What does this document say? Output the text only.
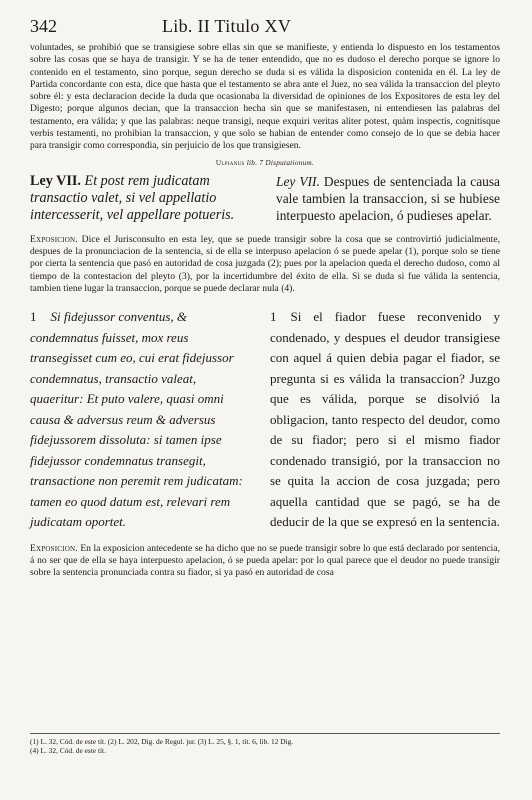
342	Lib. II Titulo XV

voluntades, se prohibió que se transigiese sobre ellas sin que se manifieste, y entienda lo dispuesto en los testamentos sobre las cosas que se haya de transigir. Y se ha de tener entendido, que no es dudoso el derecho porque se ignore lo contenido en el testamento, sino porque, segun derecho se duda si es válida la disposicion contenida en él. La ley de Partida concordante con esta, dice que hasta que el testamento se abra ante el Juez, no sea válida la transaccion del pleyto sobre él: y esta declaracion decide la duda que ocasionaba la diversidad de opiniones de los Expositores de esta ley del Digesto; porque algunos decian, que la transaccion hecha sin que se manifestasen, ni entendiesen las palabras del testamento, era válida; y que las palabras: neque transigi, neque exquiri veritas aliter potest, quàm inspectis, cognitisque verbis testamenti, no prohibian la transaccion, y que solo se habian de entender como consejo de lo que se debia hacer para transigir como correspondia, sin perjuicio de los que transigiesen.

Ulpianus lib. 7 Disputationum.
Ley VII. Et post rem judicatam transactio valet, si vel appellatio intercesserit, vel appellare potueris.
Ley VII. Despues de sentenciada la causa vale tambien la transaccion, si se hubiese interpuesto apelacion, ó pudieses apelar.

Exposicion. Dice el Jurisconsulto en esta ley, que se puede transigir sobre la cosa que se controvirtió judicialmente, despues de la pronunciacion de la sentencia, si de ella se interpuso apelacion ó se puede apelar (1), porque solo se tiene por cierta la sentencia que pasó en autoridad de cosa juzgada (2); pues por la apelacion queda el derecho dudoso, como al tiempo de la contestacion del pleyto (3), por la incertidumbre del éxito de ella. Si se duda si fue válida la sentencia, tambien tiene lugar la transaccion, porque se puede declarar nula (4).

1 Si fidejussor conventus, & condemnatus fuisset, mox reus transegisset cum eo, cui erat fidejussor condemnatus, transactio valeat, quaeritur: Et puto valere, quasi omni causa & adversus reum & adversus fidejussorem dissoluta: si tamen ipse fidejussor condemnatus transegit, transactione non peremit rem judicatam: tamen eo quod datum est, relevari rem judicatam oportet.
1 Si el fiador fuese reconvenido y condenado, y despues el deudor transigiese con aquel á quien debia pagar el fiador, se pregunta si es válida la transaccion? Juzgo que es válida, porque se disolvió la obligacion, tanto respecto del deudor, como de su fiador; pero si el mismo fiador condenado transigió, por la transaccion no se quita la accion de cosa juzgada; pero aquella cantidad que se pagó, se ha de deducir de la que se expresó en la sentencia.

Exposicion. En la exposicion antecedente se ha dicho que no se puede transigir sobre lo que está declarado por sentencia, á no ser que de ella se haya interpuesto apelacion, ó se pueda apelar: por lo qual parece que el deudor no puede transigir sobre la sentencia pronunciada contra su fiador, si ya pasó en autoridad de cosa

(1) L. 32, Cód. de este tít. (2) L. 202, Dig. de Regul. jur. (3) L. 25, §. 1, tít. 6, lib. 12 Dig.

(4) L. 32, Cód. de este tít.
